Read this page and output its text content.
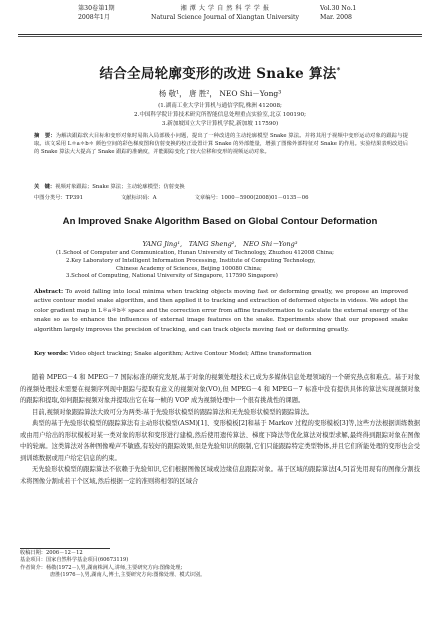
第30卷第1期
2008年1月
湘 潭 大 学 自 然 科 学 学 报
Natural Science Journal of Xiangtan University
Vol.30 No.1
Mar. 2008
结合全局轮廓变形的改进 Snake 算法*
杨 敬¹， 唐 胜²， NEO Shi－Yong³
(1.湖南工业大学计算机与通信学院,株洲 412008;
2.中国科学院计算技术研究所智能信息处理重点实验室,北京 100190;
3.新加坡国立大学计算机学院,新加坡 117590)
摘　要：为解决跟踪软大目标和变形对象时易陷入局部极小问题，提出了一种改进的主动轮廓模型 Snake 算法。并将其用于视频中变形运动对象的跟踪与提取。该文采用 L＊a＊b＊ 颜色空间的彩色梯度图和仿射变换的校正设置计算 Snake 的外部能量，增强了图像外部特征对 Snake 的作用。实验结果表明改进后的 Snake 算法大大提高了 Snake 跟踪的准确度，并能跟踪变化了较大位移和变形的视频运动对象。
关　键：视频对象跟踪；Snake 算法；主动轮廓模型；仿射变换
中图分类号：TP391	文献标识码：A	文章编号：1000－5900(2008)01－0135－06
An Improved Snake Algorithm Based on Global Contour Deformation
YANG Jing¹,　TANG Sheng²,　NEO Shi－Yong³
(1.School of Computer and Communication, Hunan University of Technology, Zhuzhou 412008 China;
2.Key Laboratory of Intelligent Information Processing, Institute of Computing Technology,
Chinese Academy of Sciences, Beijing 100080 China;
3.School of Computing, National University of Singapore, 117590 Singapore)
Abstract: To avoid falling into local minima when tracking objects moving fast or deforming greatly, we propose an improved active contour model snake algorithm, and then applied it to tracking and extraction of deformed objects in videos. We adopt the color gradient map in L＊a＊b＊ space and the correction error from affine transformation to calculate the external energy of the snake so as to enhance the influences of external image features on the snake. Experiments show that our proposed snake algorithm largely improves the precision of tracking, and can track objects moving fast or deforming greatly.
Key words: Video object tracking; Snake algorithm; Active Contour Model; Affine transformation

随着 MPEG－4 和 MPEG－7 国际标准的研究发展,基于对象的视频处理技术已成为多媒体信息处理领域的一个研究热点和难点。基于对象的视频处理技术需要在视频序列现中跟踪与提取有意义的视频对象(VO),但 MPEG－4 和 MPEG－7 标准中没有提供具体的算法实现视频对象的跟踪和提取,如何跟踪视频对象并提取出它在每一帧的 VOP 成为视频处理中一个很有挑战性的课题。

目前,视频对象跟踪算法大致可分为两类:基于先验形状模型的跟踪算法和无先验形状模型的跟踪算法。

典型的基于先验形状模型的跟踪算法有主动形状模型(ASM)[1]、变形模板[2]和基于 Markov 过程的变形模板[3]等,这些方法根据训练数据或由用户给出的形状模板对某一类对象的形状和变形进行建模,然后使用遗传算法、梯度下降法等优化算法对模型求解,最终得到跟踪对象在图像中的轮廓。这类算法对各种图像噪声不敏感,有较好的跟踪效果,但是先验知识的限制,它们只能跟踪特定类型物体,并且它们所能处理的变形也会受到训练数据或用户给定信息的约束。

无先验形状模型的跟踪算法不依赖于先验知识,它们根据图像区域或边缘信息跟踪对象。基于区域的跟踪算法[4,5]首先用现有的图像分割技术将图像分割成若干个区域,然后根据一定的准则将相邻的区域合

收稿日期：2006－12－12
基金项目：国家自然科学基金项目(60673119)
作者简介：杨敬(1972－),男,湖南株洲人,讲师,主要研究方向:图像处理;
唐胜(1976－),男,湖南人,博士,主要研究方向:图像处理、模式识别。
